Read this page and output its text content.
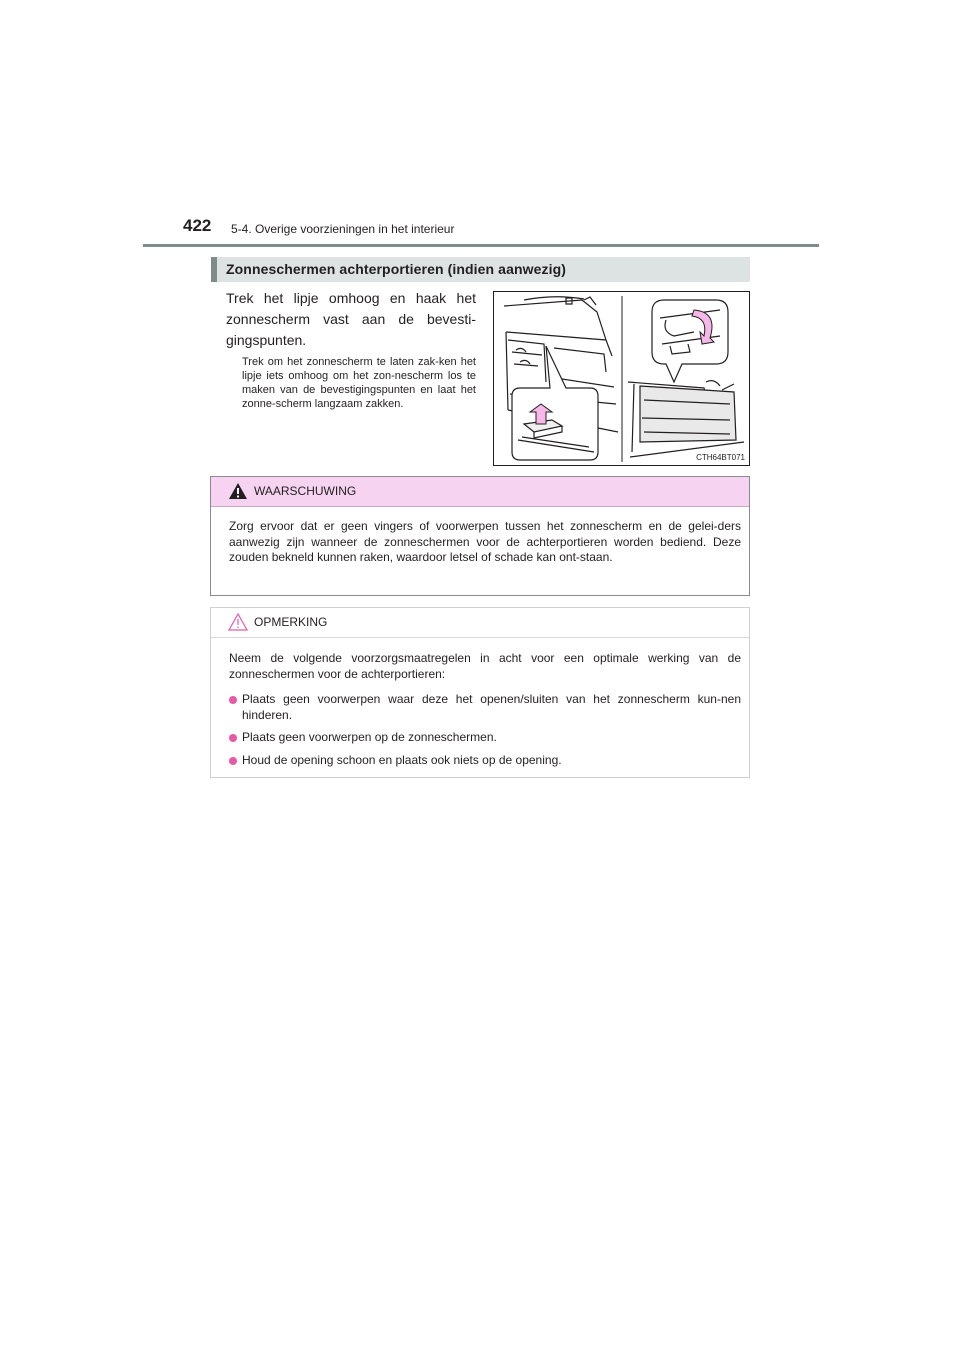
422 5-4. Overige voorzieningen in het interieur
Zonneschermen achterportieren (indien aanwezig)
Trek het lipje omhoog en haak het zonnescherm vast aan de bevesti-gingspunten.
Trek om het zonnescherm te laten zak-ken het lipje iets omhoog om het zon-nescherm los te maken van de bevestigingspunten en laat het zonne-scherm langzaam zakken.
CTH64BT071
WAARSCHUWING
Zorg ervoor dat er geen vingers of voorwerpen tussen het zonnescherm en de gelei-ders aanwezig zijn wanneer de zonneschermen voor de achterportieren worden bediend. Deze zouden bekneld kunnen raken, waardoor letsel of schade kan ont-staan.
OPMERKING
Neem de volgende voorzorgsmaatregelen in acht voor een optimale werking van de zonneschermen voor de achterportieren:
Plaats geen voorwerpen waar deze het openen/sluiten van het zonnescherm kun-nen hinderen.
Plaats geen voorwerpen op de zonneschermen.
Houd de opening schoon en plaats ook niets op de opening.
